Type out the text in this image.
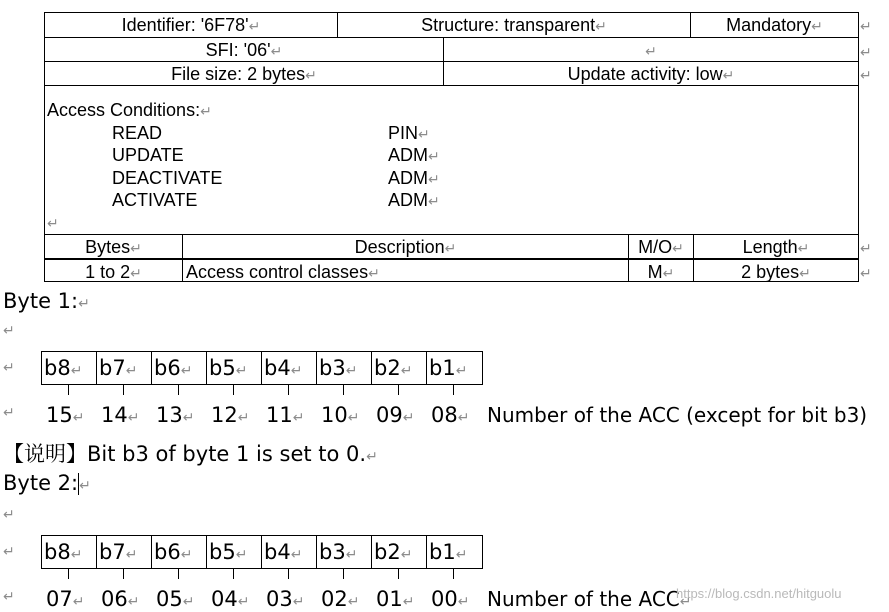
Identifier: '6F78' ↵	Structure: transparent ↵	Mandatory ↵
SFI: '06' ↵
↵
File size: 2 bytes ↵	Update activity: low ↵
Access Conditions: ↵
READ	PIN ↵
UPDATE	ADM ↵
DEACTIVATE	ADM ↵
ACTIVATE	ADM ↵
↵
Bytes ↵	Description ↵	M/O ↵	Length ↵
1 to 2 ↵	Access control classes ↵	M ↵	2 bytes ↵
↵
↵
↵
↵
↵
Byte 1: ↵
↵
↵
b8 ↵	b7 ↵	b6 ↵	b5 ↵	b4 ↵	b3 ↵	b2 ↵	b1 ↵
↵
15 ↵	14 ↵	13 ↵	12 ↵	11 ↵	10 ↵	09 ↵	08 ↵	Number of the ACC (except for bit b3)
【说明】Bit b3 of byte 1 is set to 0. ↵
Byte 2: ↵
↵
↵
b8 ↵	b7 ↵	b6 ↵	b5 ↵	b4 ↵	b3 ↵	b2 ↵	b1 ↵
↵
07 ↵	06 ↵	05 ↵	04 ↵	03 ↵	02 ↵	01 ↵	00 ↵	Number of the ACC ↵
https://blog.csdn.net/hitguolu
